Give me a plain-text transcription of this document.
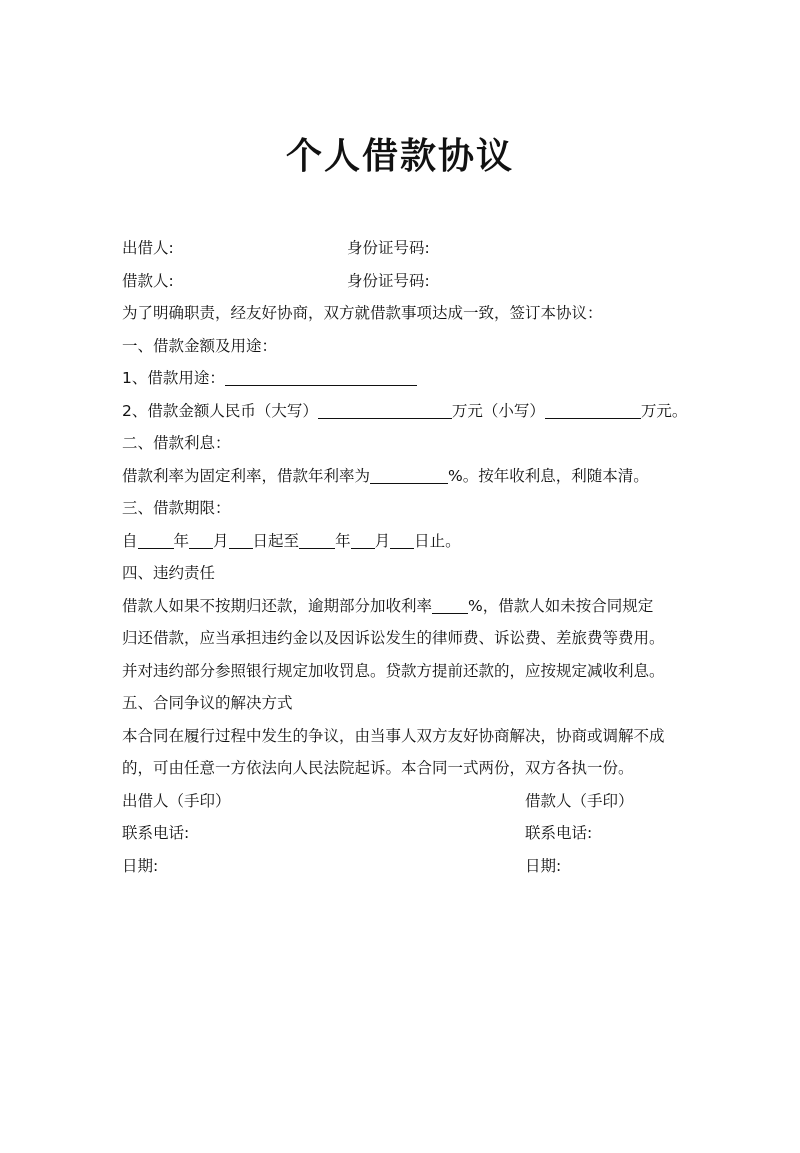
个人借款协议
出借人:	身份证号码:
借款人:	身份证号码:
为了明确职责，经友好协商，双方就借款事项达成一致，签订本协议：
一、借款金额及用途：
1、借款用途：
2、借款金额人民币（大写）	万元（小写）	万元。
二、借款利息：
借款利率为固定利率，借款年利率为	%。按年收利息，利随本清。
三、借款期限：
自 年 月 日起至 年 月 日止。
四、违约责任
借款人如果不按期归还款，逾期部分加收利率 %，借款人如未按合同规定
归还借款，应当承担违约金以及因诉讼发生的律师费、诉讼费、差旅费等费用。
并对违约部分参照银行规定加收罚息。贷款方提前还款的，应按规定减收利息。
五、合同争议的解决方式
本合同在履行过程中发生的争议，由当事人双方友好协商解决，协商或调解不成
的，可由任意一方依法向人民法院起诉。本合同一式两份，双方各执一份。
出借人（手印）	借款人（手印）
联系电话:	联系电话:
日期:	日期:
